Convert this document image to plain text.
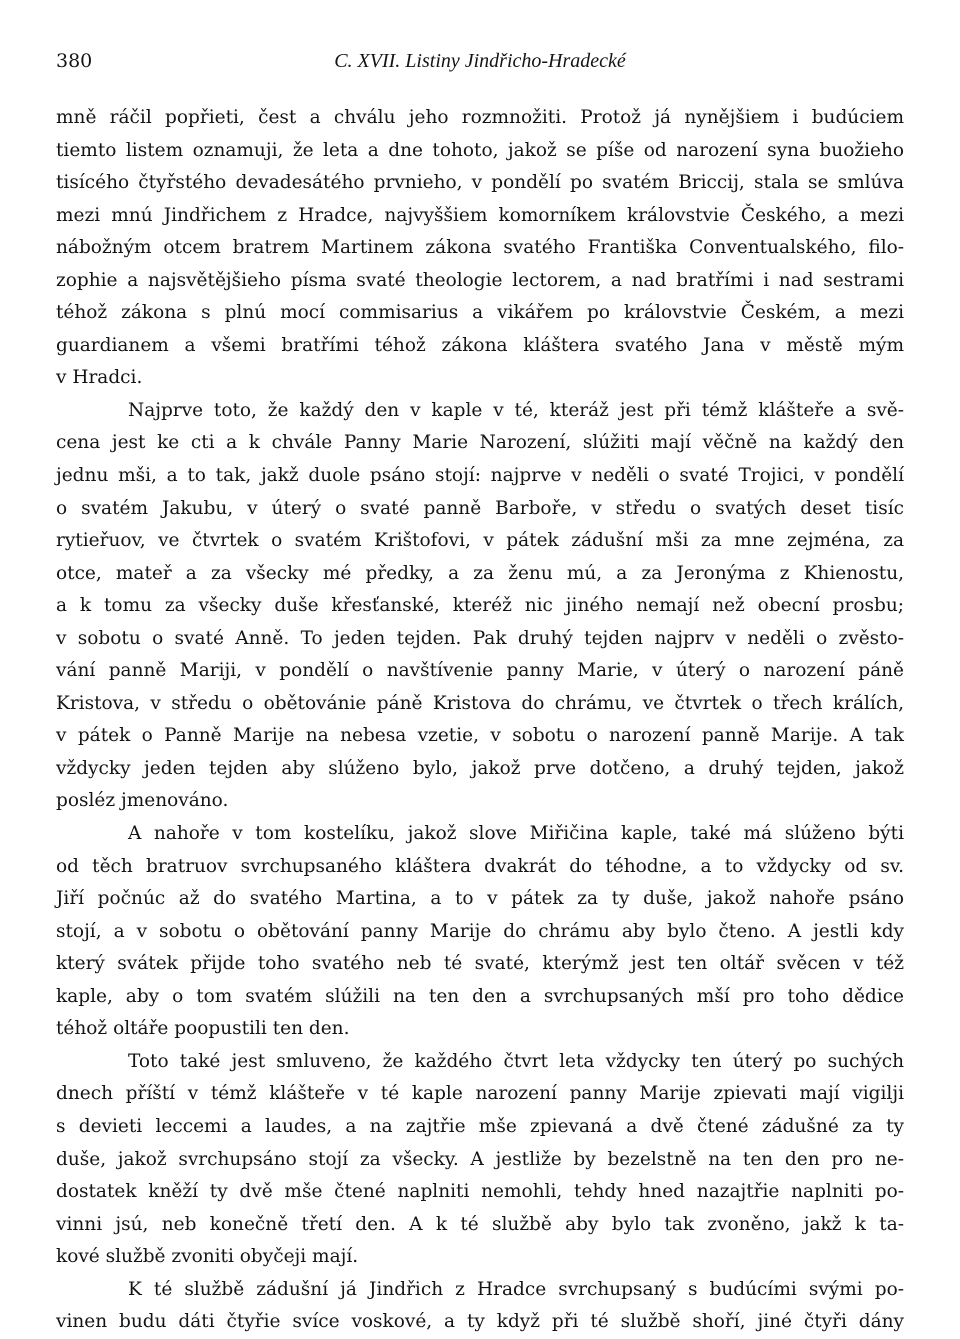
380	C. XVII. Listiny Jindřicho-Hradecké
mně ráčil popřieti, čest a chválu jeho rozmnožiti. Protož já nynějšiem i budúciem
tiemto listem oznamuji, že leta a dne tohoto, jakož se píše od narození syna buožieho
tisícého čtyřstého devadesátého prvnieho, v pondělí po svatém Briccij, stala se smlúva
mezi mnú Jindřichem z Hradce, najvyššiem komorníkem královstvie Českého, a mezi
nábožným otcem bratrem Martinem zákona svatého Františka Conventualského, filo-
zophie a najsvětějšieho písma svaté theologie lectorem, a nad bratřími i nad sestrami
téhož zákona s plnú mocí commisarius a vikářem po královstvie Českém, a mezi
guardianem a všemi bratřími téhož zákona kláštera svatého Jana v městě mým
v Hradci.
Najprve toto, že každý den v kaple v té, kteráž jest při témž klášteře a svě-
cena jest ke cti a k chvále Panny Marie Narození, slúžiti mají věčně na každý den
jednu mši, a to tak, jakž duole psáno stojí: najprve v neděli o svaté Trojici, v pondělí
o svatém Jakubu, v úterý o svaté panně Barboře, v středu o svatých deset tisíc
rytieřuov, ve čtvrtek o svatém Krištofovi, v pátek zádušní mši za mne zejména, za
otce, mateř a za všecky mé předky, a za ženu mú, a za Jeronýma z Khienostu,
a k tomu za všecky duše křesťanské, kteréž nic jiného nemají než obecní prosbu;
v sobotu o svaté Anně. To jeden tejden. Pak druhý tejden najprv v neděli o zvěsto-
vání panně Mariji, v pondělí o navštívenie panny Marie, v úterý o narození páně
Kristova, v středu o obětovánie páně Kristova do chrámu, ve čtvrtek o třech králích,
v pátek o Panně Marije na nebesa vzetie, v sobotu o narození panně Marije. A tak
vždycky jeden tejden aby slúženo bylo, jakož prve dotčeno, a druhý tejden, jakož
posléz jmenováno.
A nahoře v tom kostelíku, jakož slove Miřičina kaple, také má slúženo býti
od těch bratruov svrchupsaného kláštera dvakrát do téhodne, a to vždycky od sv.
Jiří počnúc až do svatého Martina, a to v pátek za ty duše, jakož nahoře psáno
stojí, a v sobotu o obětování panny Marije do chrámu aby bylo čteno. A jestli kdy
který svátek přijde toho svatého neb té svaté, kterýmž jest ten oltář svěcen v též
kaple, aby o tom svatém slúžili na ten den a svrchupsaných mší pro toho dědice
téhož oltáře poopustili ten den.
Toto také jest smluveno, že každého čtvrt leta vždycky ten úterý po suchých
dnech příští v témž klášteře v té kaple narození panny Marije zpievati mají vigilji
s devieti leccemi a laudes, a na zajtřie mše zpievaná a dvě čtené zádušné za ty
duše, jakož svrchupsáno stojí za všecky. A jestliže by bezelstně na ten den pro ne-
dostatek kněží ty dvě mše čtené naplniti nemohli, tehdy hned nazajtřie naplniti po-
vinni jsú, neb konečně třetí den. A k té službě aby bylo tak zvoněno, jakž k ta-
kové službě zvoniti obyčeji mají.
K té službě zádušní já Jindřich z Hradce svrchupsaný s budúcími svými po-
vinen budu dáti čtyřie svíce voskové, a ty když při té službě shoří, jiné čtyři dány
